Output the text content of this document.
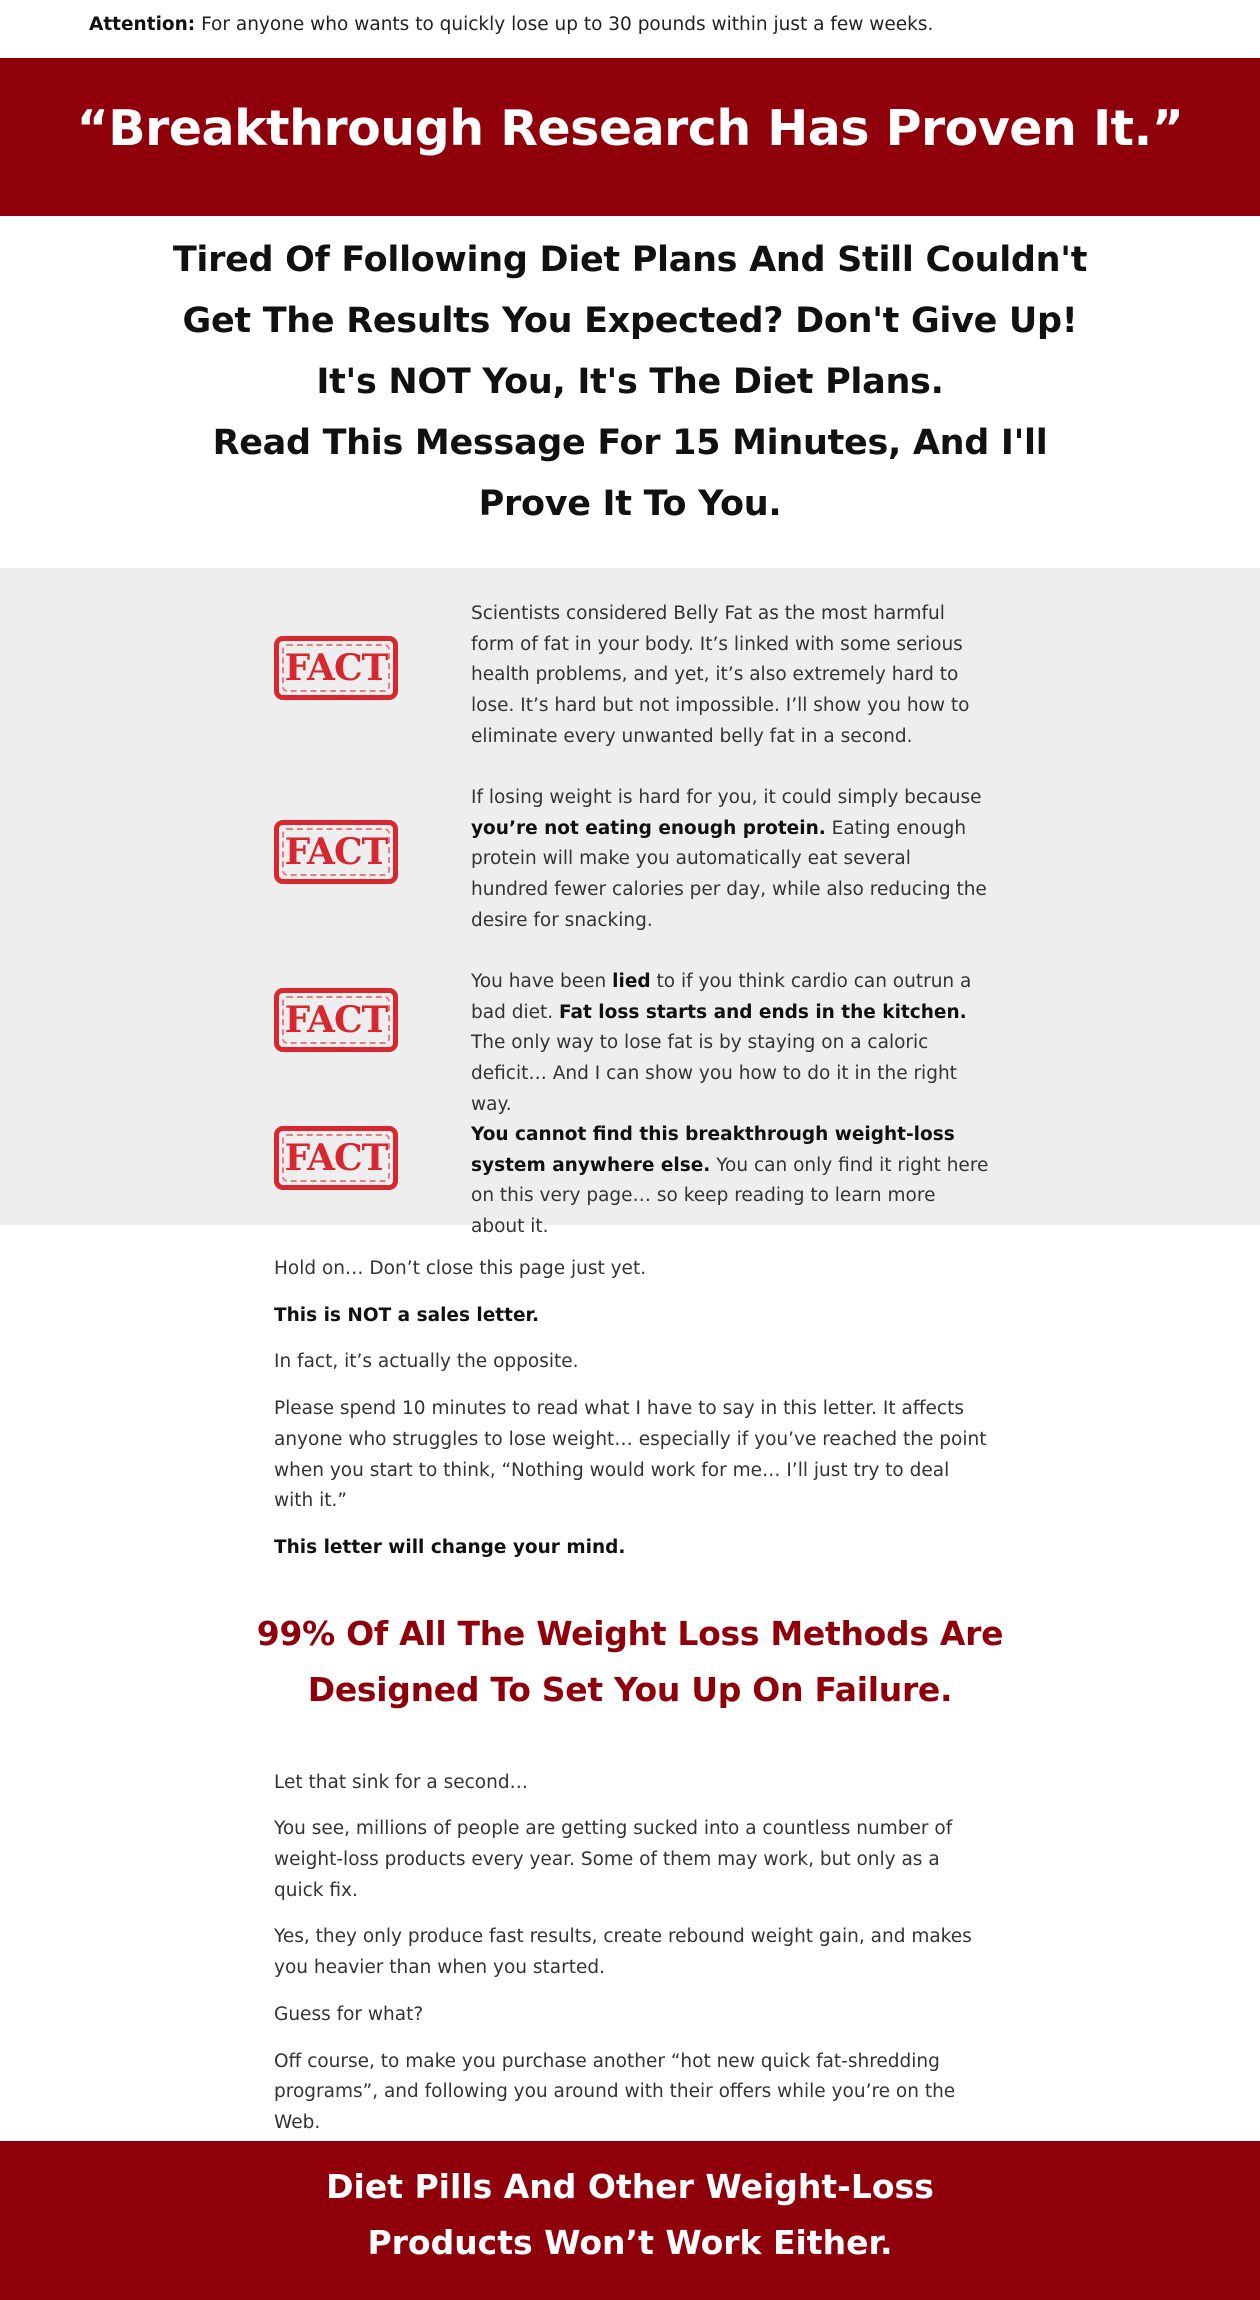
Attention: For anyone who wants to quickly lose up to 30 pounds within just a few weeks.
“Breakthrough Research Has Proven It.”
Tired Of Following Diet Plans And Still Couldn't
Get The Results You Expected? Don't Give Up!
It's NOT You, It's The Diet Plans.
Read This Message For 15 Minutes, And I'll
Prove It To You.
FACT
Scientists considered Belly Fat as the most harmful form of fat in your body. It’s linked with some serious health problems, and yet, it’s also extremely hard to lose. It’s hard but not impossible. I’ll show you how to eliminate every unwanted belly fat in a second.
FACT
If losing weight is hard for you, it could simply because you’re not eating enough protein. Eating enough protein will make you automatically eat several hundred fewer calories per day, while also reducing the desire for snacking.
FACT
You have been lied to if you think cardio can outrun a bad diet. Fat loss starts and ends in the kitchen. The only way to lose fat is by staying on a caloric deficit… And I can show you how to do it in the right way.
FACT
You cannot find this breakthrough weight-loss system anywhere else. You can only find it right here on this very page… so keep reading to learn more about it.

Hold on… Don’t close this page just yet.

This is NOT a sales letter.

In fact, it’s actually the opposite.

Please spend 10 minutes to read what I have to say in this letter. It affects anyone who struggles to lose weight… especially if you’ve reached the point when you start to think, “Nothing would work for me… I’ll just try to deal with it.”

This letter will change your mind.

99% Of All The Weight Loss Methods Are
Designed To Set You Up On Failure.

Let that sink for a second…

You see, millions of people are getting sucked into a countless number of weight-loss products every year. Some of them may work, but only as a quick fix.

Yes, they only produce fast results, create rebound weight gain, and makes you heavier than when you started.

Guess for what?

Off course, to make you purchase another “hot new quick fat-shredding programs”, and following you around with their offers while you’re on the Web.

Diet Pills And Other Weight-Loss
Products Won’t Work Either.
